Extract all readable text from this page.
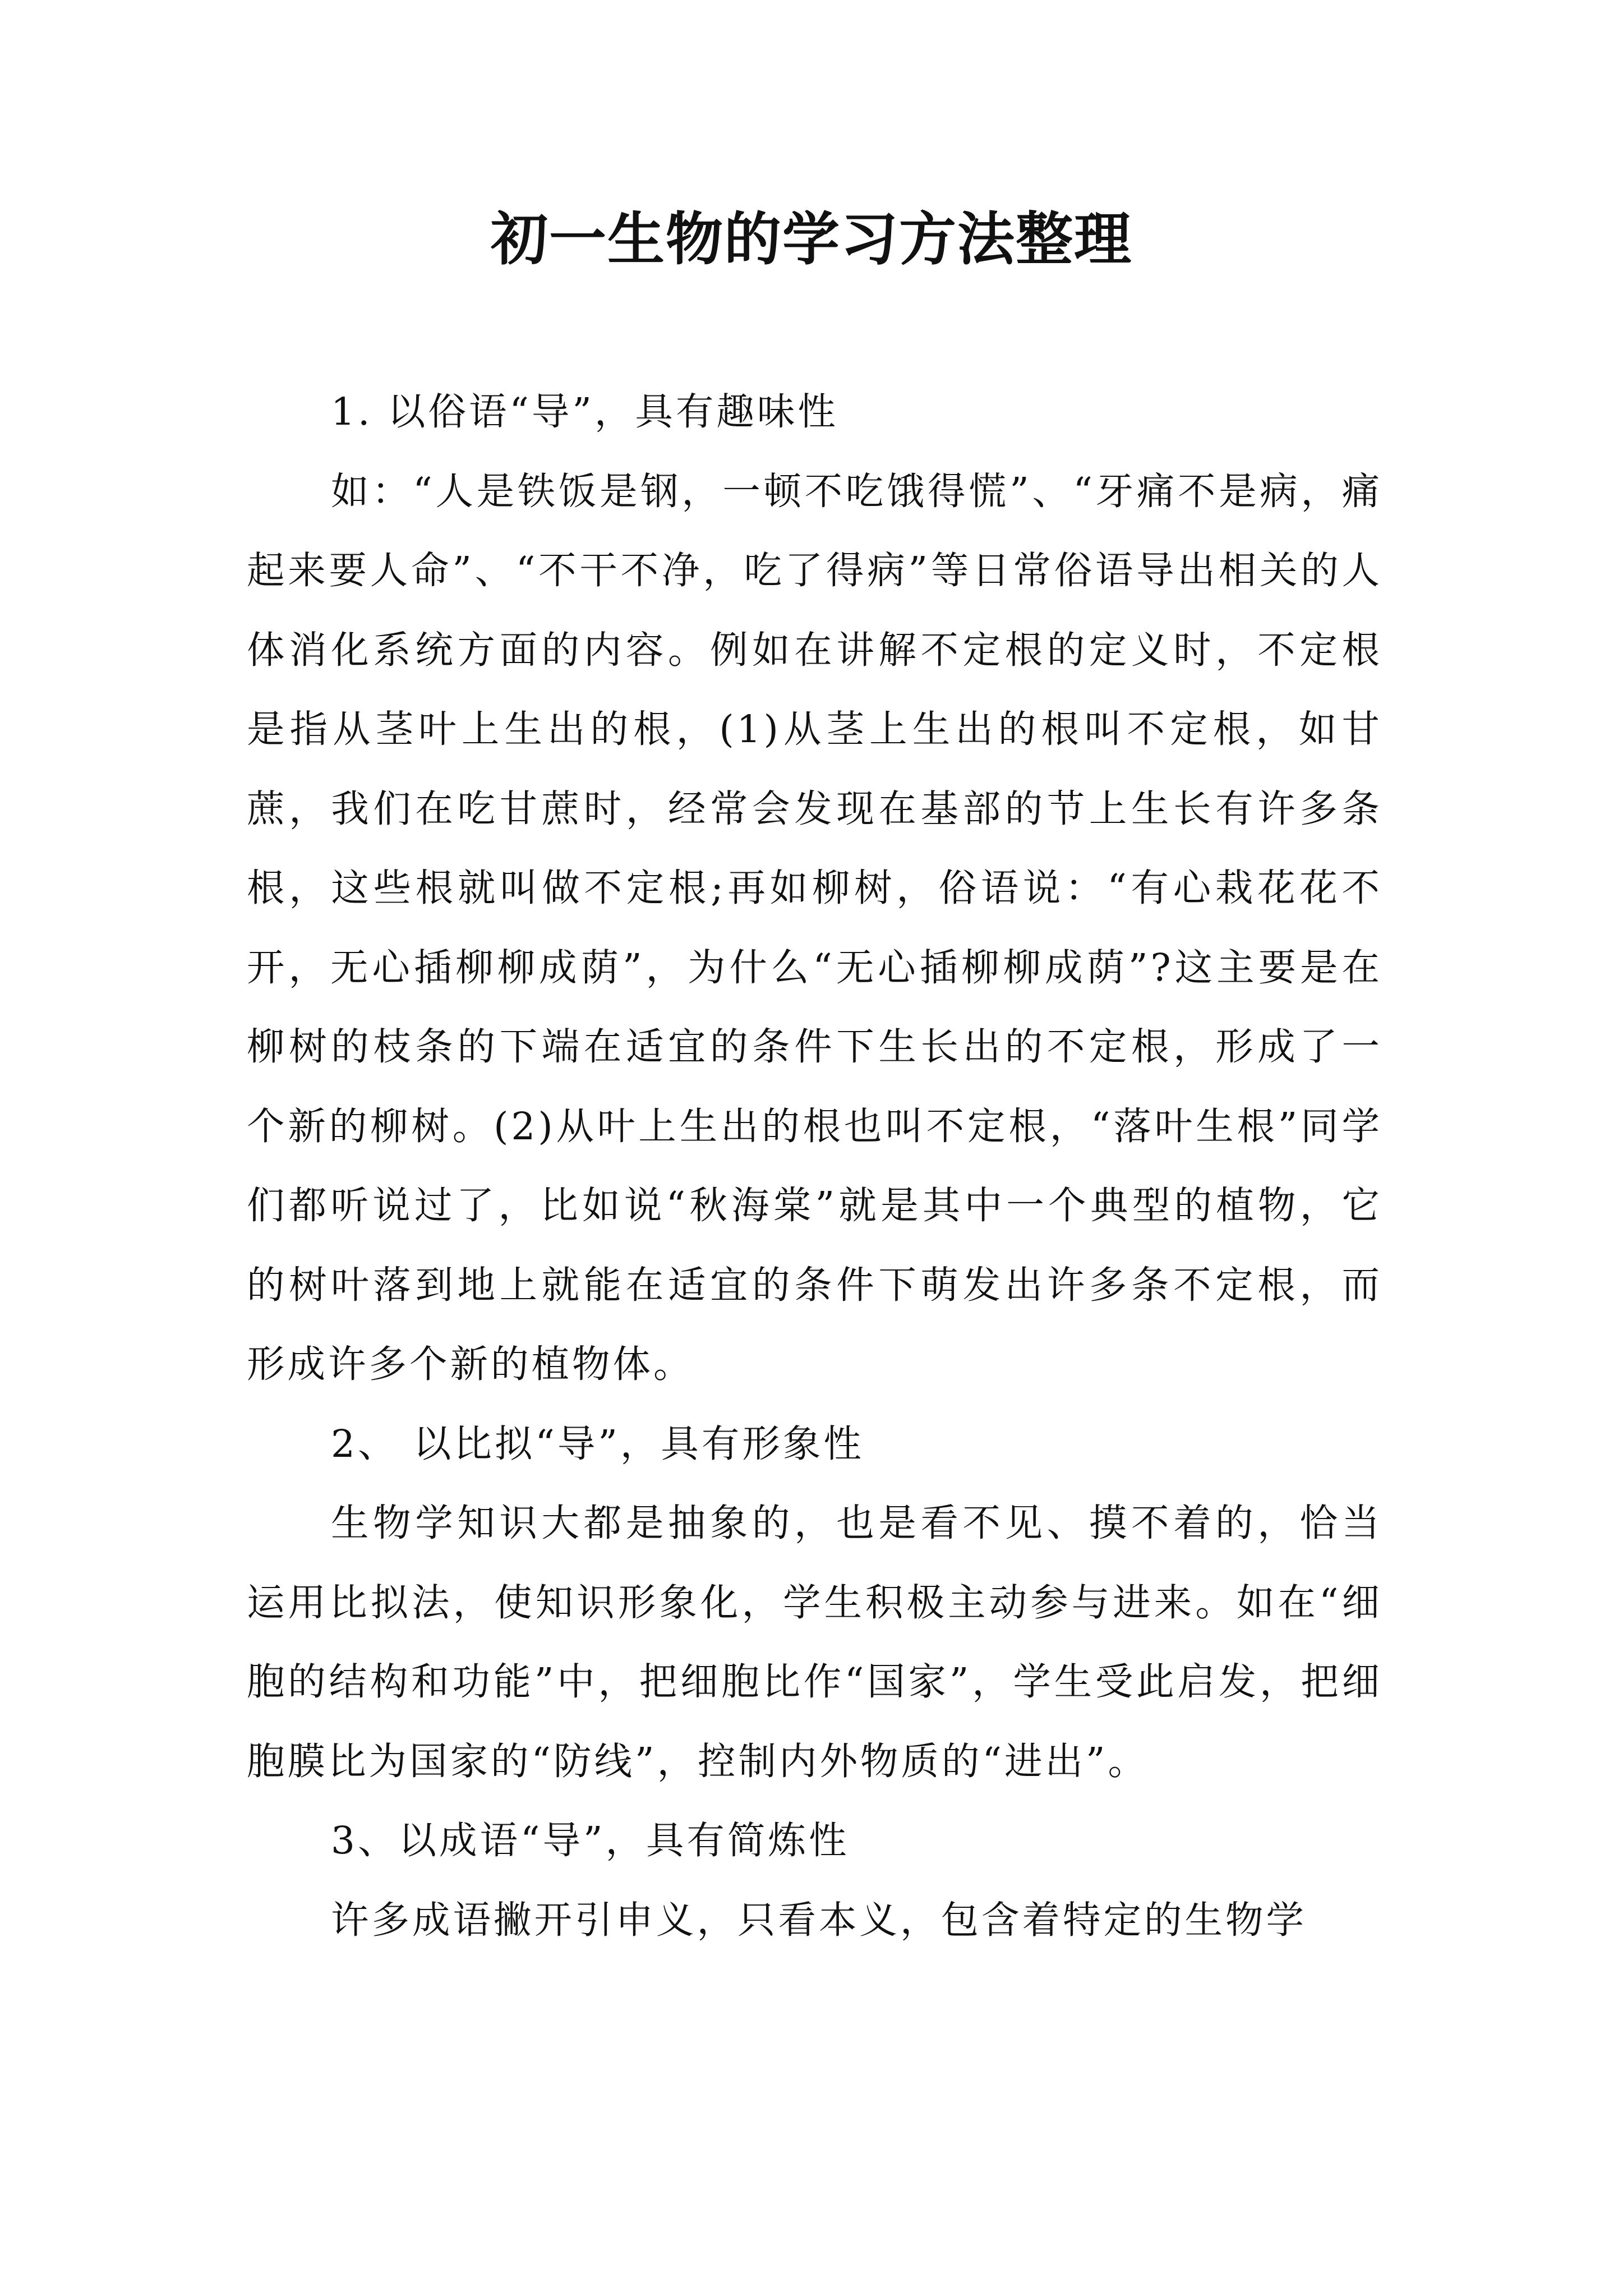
初一生物的学习方法整理

1. 以俗语“导”，具有趣味性

如：“人是铁饭是钢，一顿不吃饿得慌”、“牙痛不是病，痛起来要人命”、“不干不净，吃了得病”等日常俗语导出相关的人体消化系统方面的内容。例如在讲解不定根的定义时，不定根是指从茎叶上生出的根，(1)从茎上生出的根叫不定根，如甘蔗，我们在吃甘蔗时，经常会发现在基部的节上生长有许多条根，这些根就叫做不定根;再如柳树，俗语说：“有心栽花花不开，无心插柳柳成荫”，为什么“无心插柳柳成荫”?这主要是在柳树的枝条的下端在适宜的条件下生长出的不定根，形成了一个新的柳树。(2)从叶上生出的根也叫不定根，“落叶生根”同学们都听说过了，比如说“秋海棠”就是其中一个典型的植物，它的树叶落到地上就能在适宜的条件下萌发出许多条不定根，而形成许多个新的植物体。

2、 以比拟“导”，具有形象性

生物学知识大都是抽象的，也是看不见、摸不着的，恰当运用比拟法，使知识形象化，学生积极主动参与进来。如在“细胞的结构和功能”中，把细胞比作“国家”，学生受此启发，把细胞膜比为国家的“防线”，控制内外物质的“进出”。

3、以成语“导”，具有简炼性

许多成语撇开引申义，只看本义，包含着特定的生物学
